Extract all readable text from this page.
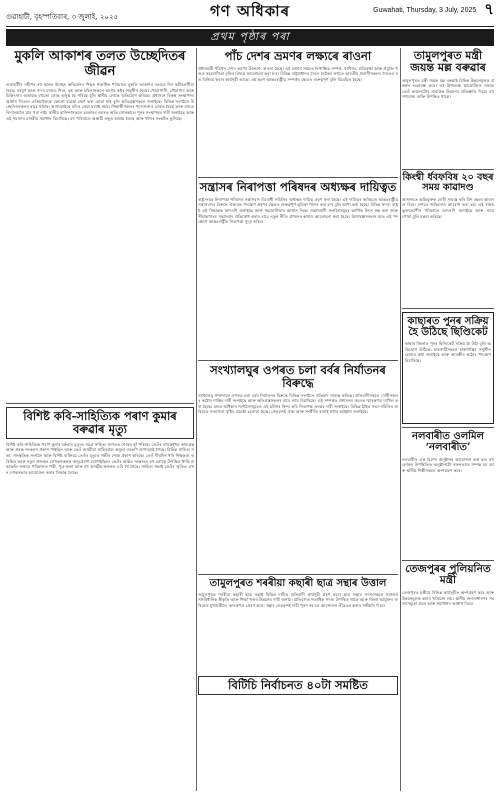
গুৱাহাটী, বৃহস্পতিবাৰ, ৩ জুলাই, ২০২৫	গণ অধিকাৰ	Guwahati, Thursday, 3 July, 2025 ৭
প্ৰথম পৃষ্ঠাৰ পৰা
মুকলি আকাশৰ তলত উচ্ছেদিতৰ জীৱন
গুৱাহাটীৰ সমীপৰ বহু স্থানত উচ্ছেদ অভিযানৰ পিছত শতাধিক পৰিয়ালে মুকলি আকাশৰ তলতে দিন কটাবলগীয়া হৈছে। বৰষুণ আৰু ৰ'দৰ মাজত শিশু, বৃদ্ধ আৰু মহিলাসকলে অশেষ কষ্টৰ সন্মুখীন হৈছে। খোৱাপানী, শৌচাগাৰ আৰু চিকিৎসাৰ অভাৱত বহুতো লোক অসুস্থ হৈ পৰিছে বুলি স্থানীয় লোকে অভিযোগ কৰিছে। প্ৰশাসনে বিকল্প সংস্থাপনৰ আশ্বাস দিলেও এতিয়ালৈকে কোনো ব্যৱস্থা গ্ৰহণ কৰা হোৱা নাই বুলি ক্ষতিগ্ৰস্তসকলে জনাইছে। বিভিন্ন সংগঠনে উচ্ছেদিতসকলৰ বাবে সাহায্য আগবঢ়াইছে যদিও সেয়া যথেষ্ট নহয়। শিক্ষাৰ্থীসকলৰ পঢ়া-শুনাও ব্যাহত হৈছে আৰু বহুতে বিদ্যালয়লৈ যাব পৰা নাই। স্থানীয় বাসিন্দাসকলে চৰকাৰৰ ওচৰত অতি সোনকালে পুনৰ সংস্থাপনৰ দাবী জনাইছে আৰু এই সমস্যাৰ মানৱীয় সমাধান বিচাৰিছে। বহু পৰিয়ালে অস্থায়ী তম্বুত আশ্ৰয় লৈছে আৰু খাদ্যৰ সংকটত ভুগিছে।
বিশিষ্ট কবি-সাহিত্যিক পৰাণ কুমাৰ বৰুৱাৰ মৃত্যু
বিশিষ্ট কবি-সাহিত্যিক পৰাণ কুমাৰ বৰুৱাৰ মৃত্যুত সমগ্ৰ সাহিত্য জগতত শোকৰ ছাঁ পৰিছে। তেওঁৰ বহুকেইখন কাব্যগ্ৰন্থ আৰু প্ৰবন্ধ সংকলন প্ৰকাশ পাইছিল আৰু তেওঁ অসমীয়া সাহিত্যলৈ অমূল্য বৰঙণি আগবঢ়াই গৈছে। বিভিন্ন সাহিত্য সভা, সাংস্কৃতিক সংগঠন আৰু বিশিষ্ট ব্যক্তিয়ে তেওঁৰ মৃত্যুত গভীৰ শোক প্ৰকাশ কৰিছে। তেওঁ দীৰ্ঘদিন ধৰি শিক্ষকতা কৰিছিল আৰু নতুন প্ৰজন্মৰ লেখকসকলক অনুপ্ৰেৰণা যোগাইছিল। তেওঁৰ অন্তিম সংস্কাৰত বহু লোকে উপস্থিত থাকি শ্ৰদ্ধাঞ্জলি জনায়। পৰিয়ালত পত্নী, পুত্ৰ-কন্যা আৰু বহু আত্মীয়-স্বজনক এৰি থৈ গৈছে। সাহিত্য সভাই তেওঁৰ স্মৃতিত এখন শোকসভাৰ আয়োজন কৰাৰ সিদ্ধান্ত লৈছে।
পাঁচ দেশৰ ভ্ৰমণৰ লক্ষ্যৰে ৰাওনা
প্ৰধানমন্ত্ৰী পাঁচখন দেশৰ ভ্ৰমণৰ উদ্দেশ্যে ৰাওনা হৈছে। এই ভ্ৰমণৰ সময়ত দ্বিপাক্ষিক সম্পৰ্ক, বাণিজ্য, প্ৰতিৰক্ষা আৰু প্ৰযুক্তি খণ্ডত সহযোগিতা বৃদ্ধিৰ বিষয়ে আলোচনা কৰা হ'ব। বিভিন্ন ৰাষ্ট্ৰপ্ৰধানৰ সৈতে বৈঠকৰ লগতে ভাৰতীয় প্ৰবাসীসকলৰ সৈতেও মত বিনিময় কৰাৰ কাৰ্যসূচী আছে। এই ভ্ৰমণ আন্তঃৰাষ্ট্ৰীয় সম্পৰ্কৰ ক্ষেত্ৰত গুৰুত্বপূৰ্ণ বুলি বিবেচিত হৈছে।
সন্ত্ৰাসৰ নিৰাপত্তা পৰিষদৰ অধ্যক্ষৰ দায়িত্বত
ৰাষ্ট্ৰসংঘৰ নিৰাপত্তা পৰিষদৰ সন্ত্ৰাসবাদ বিৰোধী সমিতিৰ অধ্যক্ষৰ দায়িত্ব গ্ৰহণ কৰা হৈছে। এই দায়িত্বৰ জৰিয়তে আন্তঃৰাষ্ট্ৰীয় সন্ত্ৰাসবাদৰ বিৰুদ্ধে ঐক্যবদ্ধ পদক্ষেপ গ্ৰহণৰ ক্ষেত্ৰত গুৰুত্বপূৰ্ণ ভূমিকা পালন কৰা হ'ব বুলি আশা কৰা হৈছে। বিভিন্ন সদস্য ৰাষ্ট্ৰই এই সিদ্ধান্তক আদৰণি জনাইছে আৰু সহযোগিতাৰ আশ্বাস দিছে। সন্ত্ৰাসবাদী সংগঠনসমূহৰ আৰ্থিক উৎস বন্ধ কৰা আৰু সীমান্তপাৰৰ সন্ত্ৰাসবাদ প্ৰতিৰোধ কৰাৰ বাবে নতুন নীতি প্ৰণয়নৰ কথাও আলোচনা কৰা হৈছে। বিশেষজ্ঞসকলৰ মতে এই পদক্ষেপে আন্তঃৰাষ্ট্ৰীয় নিৰাপত্তা সুদৃঢ় কৰিব।
সংখ্যালঘুৰ ওপৰত চলা বৰ্বৰ নিৰ্যাতনৰ বিৰুদ্ধে
সংখ্যালঘু সম্প্ৰদায়ৰ ওপৰত চলা বৰ্বৰ নিৰ্যাতনৰ বিৰুদ্ধে বিভিন্ন সংগঠনে প্ৰতিবাদ সাব্যস্ত কৰিছে। প্ৰতিবাদীসকলে দোষীসকলৰ কঠোৰ শাস্তিৰ দাবী জনাইছে আৰু ক্ষতিগ্ৰস্তসকলৰ বাবে ন্যায় বিচাৰিছে। এই সম্পৰ্কত প্ৰশাসনৰ ওচৰত স্মাৰকপত্ৰ দাখিল কৰা হৈছে। মানৱ অধিকাৰ সংগঠনসমূহেও এই ঘটনাৰ নিন্দা কৰি নিৰপেক্ষ তদন্তৰ দাবী জনাইছে। বিভিন্ন ঠাইত সভা-সমিতিৰ জৰিয়তে সজাগতা সৃষ্টিৰ প্ৰচেষ্টা চলোৱা হৈছে। নেতৃবৃন্দই ঐক্য আৰু সম্প্ৰীতি বজাই ৰখাৰ আহ্বান জনাইছে।
তামুলপুৰত শৰৰীয়া কছাৰী ছাত্ৰ সন্থাৰ উত্তাল
তামুলপুৰত শৰৰীয়া কছাৰী ছাত্ৰ সন্থাই বিভিন্ন দাবীত প্ৰতিবাদী কাৰ্যসূচী গ্ৰহণ কৰে। ছাত্ৰ সন্থাৰ সদস্যসকলে সমাজৰ সাংবিধানিক স্বীকৃতি আৰু শিক্ষা খণ্ডৰ উন্নয়নৰ দাবী জনায়। প্ৰতিবাদত শতাধিক সদস্য উপস্থিত থাকে আৰু জিলা আয়ুক্তৰ জৰিয়তে মুখ্যমন্ত্ৰীলৈ স্মাৰকপত্ৰ প্ৰেৰণ কৰে। সন্থাৰ নেতৃবৃন্দই দাবী পূৰণ নহ'লে আন্দোলন তীব্ৰতৰ কৰাৰ সকীয়নি দিয়ে।
বিটিচি নিৰ্বাচনত ৪০টা সমষ্টিত
তামুলপুৰত মন্ত্ৰী জয়ন্ত মল্ল বৰুৱাৰ
তামুলপুৰত মন্ত্ৰী জয়ন্ত মল্ল বৰুৱাই বিভিন্ন উন্নয়নমূলক প্ৰকল্পৰ শুভাৰম্ভ কৰে। এই উপলক্ষে আয়োজিত সভাত তেওঁ অঞ্চলটোৰ সামগ্ৰিক উন্নয়নৰ প্ৰতিশ্ৰুতি দিয়ে। বহু গণ্যমান্য ব্যক্তি উপস্থিত থাকে।
কিংশ্বী ৰ্ধবফবিষ ২০ বছৰ সময় কাৱাদণ্ড
আদালতে অভিযুক্তক দোষী সাব্যস্ত কৰি বিশ বছৰৰ কাৰাদণ্ড বিহে। লগতে জৰিমনাও আৰোপ কৰা হয়। এই ৰায়ক ভুক্তভোগীৰ পৰিয়ালে আদৰণি জনাইছে আৰু ন্যায় পোৱা বুলি মন্তব্য কৰিছে।
কাছাৰত পুনৰ সক্ৰিয় হৈ উঠিছে ছিণ্ডিকেট
কাছাৰ জিলাত পুনৰ ছিণ্ডিকেট সক্ৰিয় হৈ উঠা বুলি অভিযোগ উঠিছে। ব্যৱসায়ীসকলে হাৰাশাস্তিৰ সন্মুখীন হোৱাৰ কথা জনাইছে আৰু আৰক্ষীৰ কঠোৰ পদক্ষেপ বিচাৰিছে।
নলবাৰীত ওলমিল ‘নলবাৰীত’
নলবাৰীত এক বিশেষ অনুষ্ঠানৰ আয়োজন কৰা হয়। বহু লোকৰ উপস্থিতিত অনুষ্ঠানটো সফলতাৰে সম্পন্ন হয় আৰু স্থানীয় শিল্পীসকলে অংশগ্ৰহণ কৰে।
তেজপুৰৰ পুলিয়নিত মন্ত্ৰী
তেজপুৰত মন্ত্ৰীয়ে বিভিন্ন কাৰ্যসূচীত অংশগ্ৰহণ কৰে আৰু উন্নয়নমূলক কামৰ খতিয়ান লয়। স্থানীয় জনসাধাৰণৰ সমস্যাসমূহো শুনে আৰু সমাধানৰ আশ্বাস দিয়ে।
